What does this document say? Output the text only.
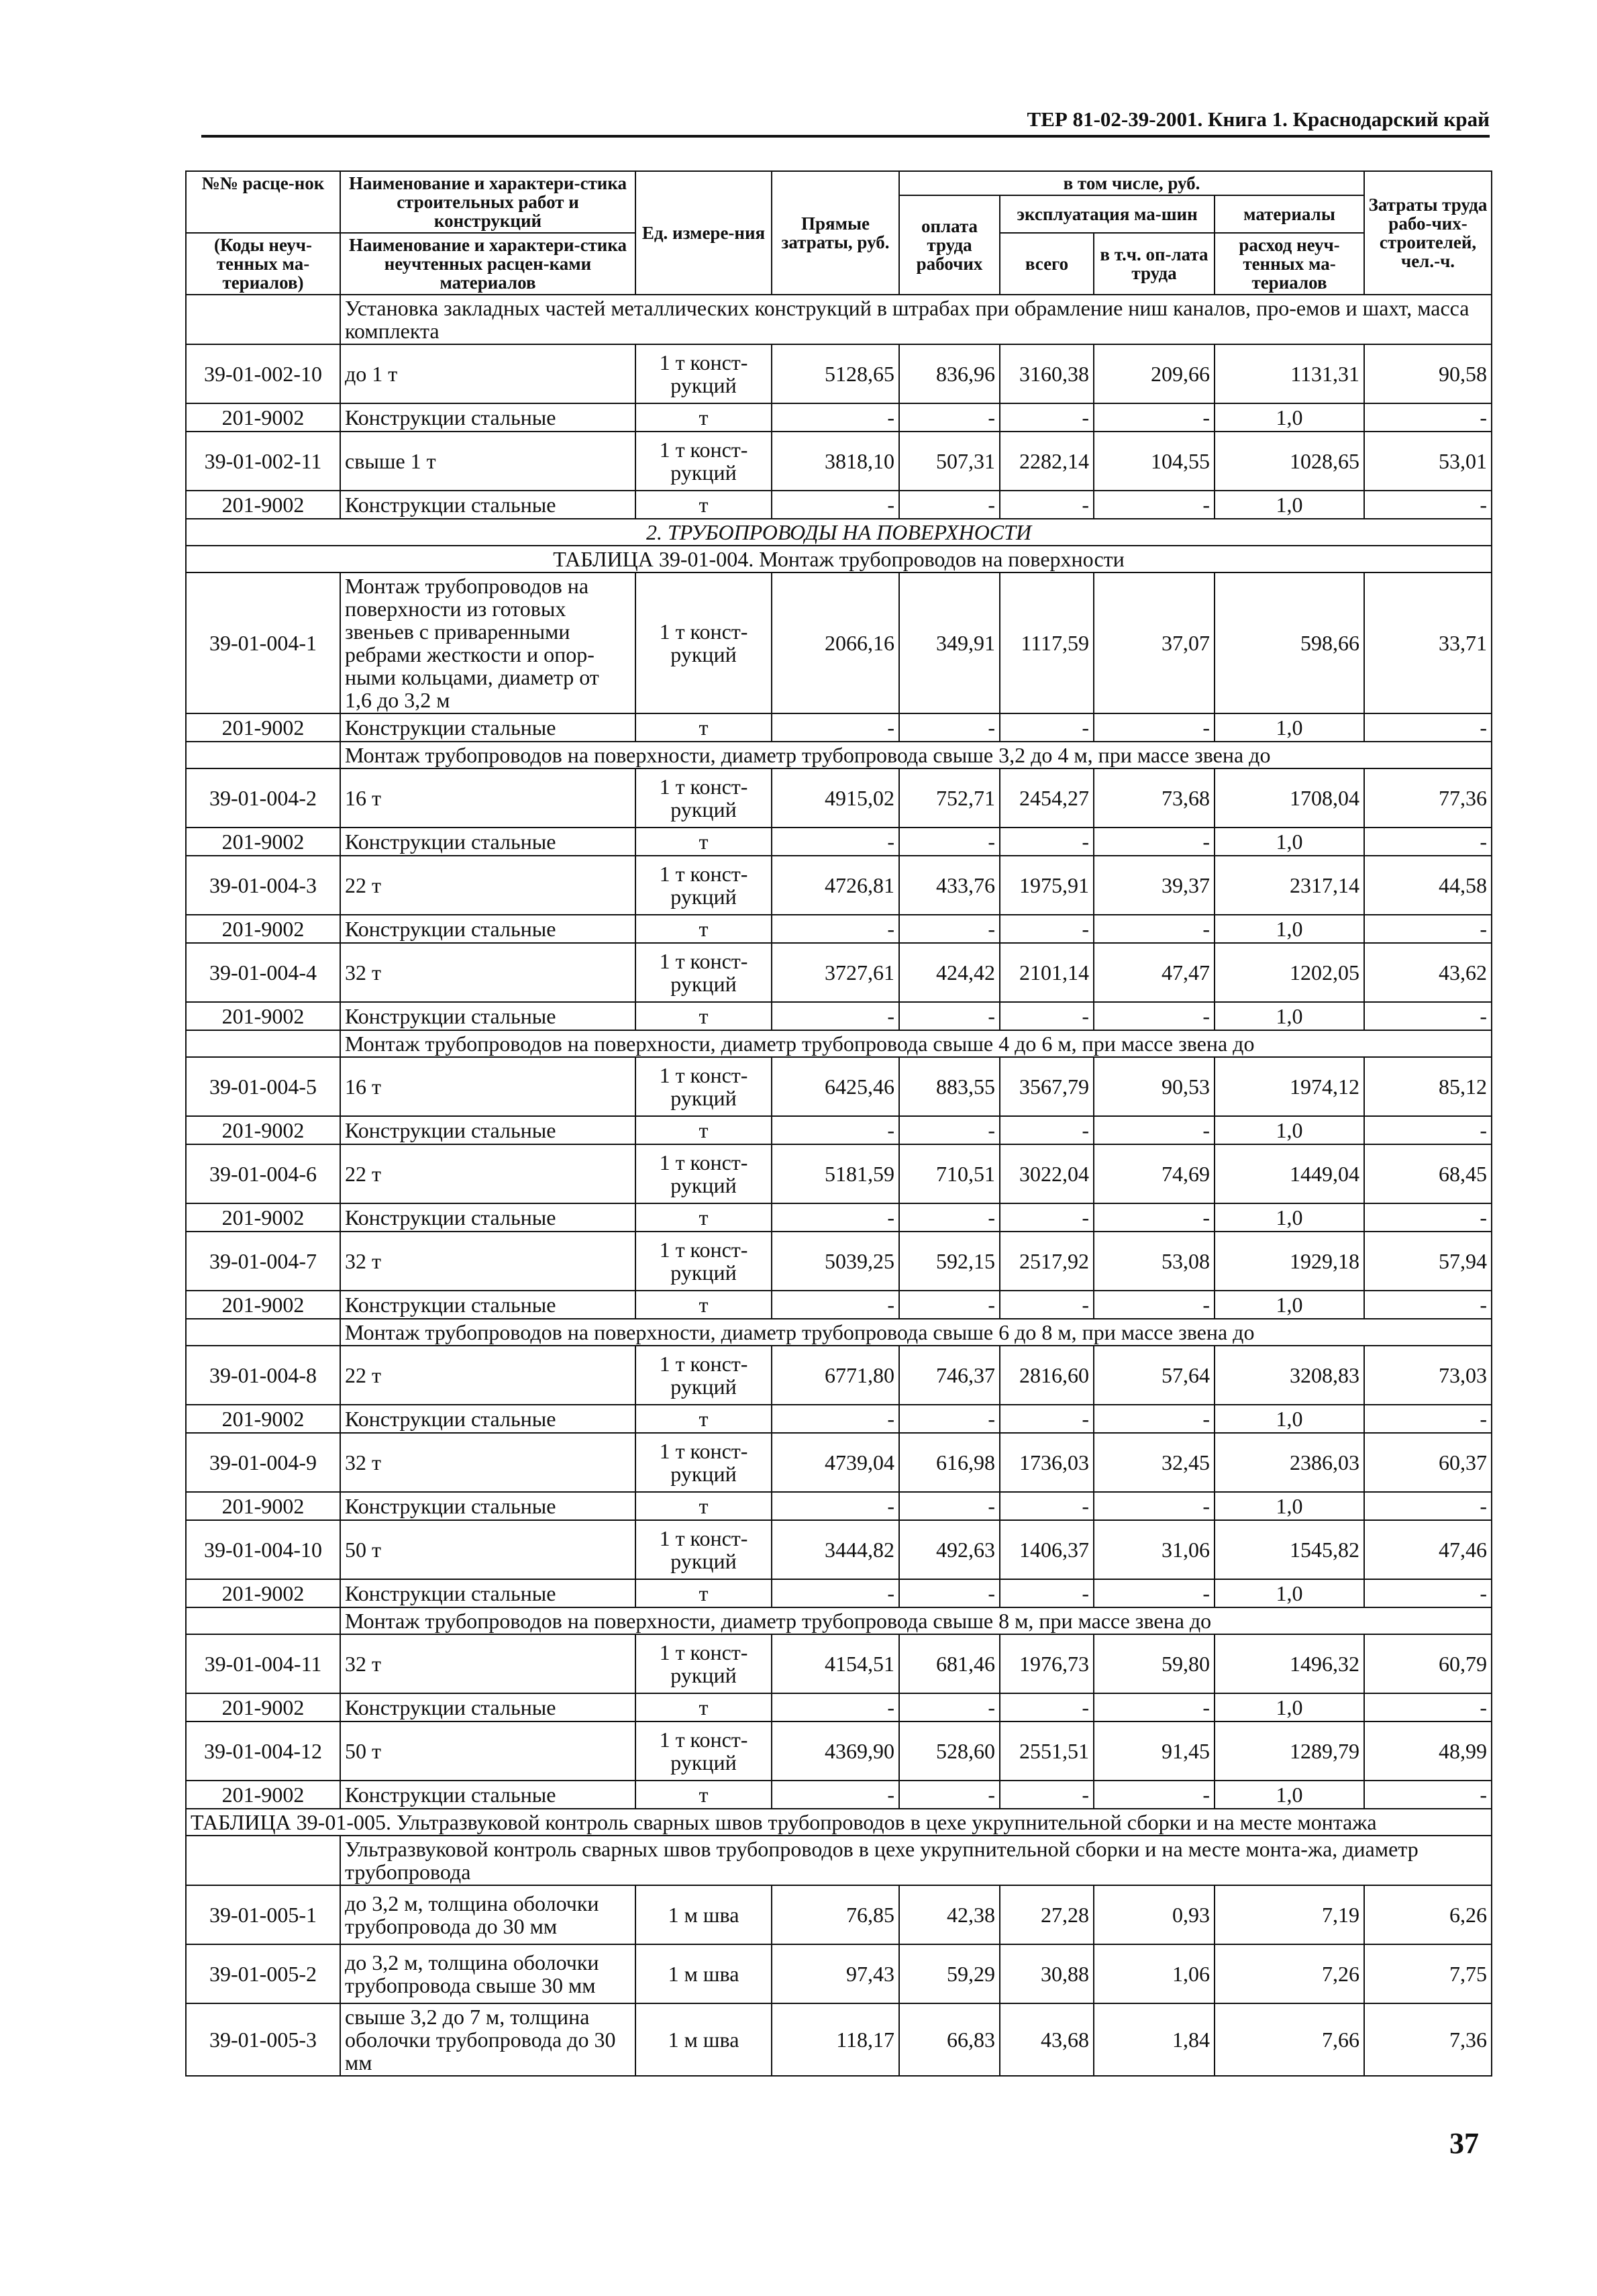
ТЕР 81-02-39-2001. Книга 1. Краснодарский край
№№ расце-нок	Наименование и характери-стика строительных работ и конструкций	Ед. измере-ния	Прямые затраты, руб.	в том числе, руб.				Затраты труда рабо-чих-строителей, чел.-ч.
				оплата труда рабочих	эксплуатация ма-шин		материалы	

(Коды неуч-тенных ма-териалов)	Наименование и характери-стика неучтенных расцен-ками материалов				всего	в т.ч. оп-лата труда	расход неуч-тенных ма-териалов	

	Установка закладных частей металлических конструкций в штрабах при обрамление ниш каналов, про-емов и шахт, масса комплекта							
39-01-002-10	до 1 т	1 т конст-рукций	5128,65	836,96	3160,38	209,66	1131,31	90,58
201-9002	Конструкции стальные	т	-	-	-	-	1,0	-
39-01-002-11	свыше 1 т	1 т конст-рукций	3818,10	507,31	2282,14	104,55	1028,65	53,01
201-9002	Конструкции стальные	т	-	-	-	-	1,0	-
2. ТРУБОПРОВОДЫ НА ПОВЕРХНОСТИ								
ТАБЛИЦА 39-01-004. Монтаж трубопроводов на поверхности								
39-01-004-1	Монтаж трубопроводов на поверхности из готовых звеньев с приваренными ребрами жесткости и опор-ными кольцами, диаметр от 1,6 до 3,2 м	1 т конст-рукций	2066,16	349,91	1117,59	37,07	598,66	33,71
201-9002	Конструкции стальные	т	-	-	-	-	1,0	-
	Монтаж трубопроводов на поверхности, диаметр трубопровода свыше 3,2 до 4 м, при массе звена до							
39-01-004-2	16 т	1 т конст-рукций	4915,02	752,71	2454,27	73,68	1708,04	77,36
201-9002	Конструкции стальные	т	-	-	-	-	1,0	-
39-01-004-3	22 т	1 т конст-рукций	4726,81	433,76	1975,91	39,37	2317,14	44,58
201-9002	Конструкции стальные	т	-	-	-	-	1,0	-
39-01-004-4	32 т	1 т конст-рукций	3727,61	424,42	2101,14	47,47	1202,05	43,62
201-9002	Конструкции стальные	т	-	-	-	-	1,0	-
	Монтаж трубопроводов на поверхности, диаметр трубопровода свыше 4 до 6 м, при массе звена до							
39-01-004-5	16 т	1 т конст-рукций	6425,46	883,55	3567,79	90,53	1974,12	85,12
201-9002	Конструкции стальные	т	-	-	-	-	1,0	-
39-01-004-6	22 т	1 т конст-рукций	5181,59	710,51	3022,04	74,69	1449,04	68,45
201-9002	Конструкции стальные	т	-	-	-	-	1,0	-
39-01-004-7	32 т	1 т конст-рукций	5039,25	592,15	2517,92	53,08	1929,18	57,94
201-9002	Конструкции стальные	т	-	-	-	-	1,0	-
	Монтаж трубопроводов на поверхности, диаметр трубопровода свыше 6 до 8 м, при массе звена до							
39-01-004-8	22 т	1 т конст-рукций	6771,80	746,37	2816,60	57,64	3208,83	73,03
201-9002	Конструкции стальные	т	-	-	-	-	1,0	-
39-01-004-9	32 т	1 т конст-рукций	4739,04	616,98	1736,03	32,45	2386,03	60,37
201-9002	Конструкции стальные	т	-	-	-	-	1,0	-
39-01-004-10	50 т	1 т конст-рукций	3444,82	492,63	1406,37	31,06	1545,82	47,46
201-9002	Конструкции стальные	т	-	-	-	-	1,0	-
	Монтаж трубопроводов на поверхности, диаметр трубопровода свыше 8 м, при массе звена до							
39-01-004-11	32 т	1 т конст-рукций	4154,51	681,46	1976,73	59,80	1496,32	60,79
201-9002	Конструкции стальные	т	-	-	-	-	1,0	-
39-01-004-12	50 т	1 т конст-рукций	4369,90	528,60	2551,51	91,45	1289,79	48,99
201-9002	Конструкции стальные	т	-	-	-	-	1,0	-
ТАБЛИЦА 39-01-005. Ультразвуковой контроль сварных швов трубопроводов в цехе укрупнительной сборки и на месте монтажа								
	Ультразвуковой контроль сварных швов трубопроводов в цехе укрупнительной сборки и на месте монта-жа, диаметр трубопровода							
39-01-005-1	до 3,2 м, толщина оболочки трубопровода до 30 мм	1 м шва	76,85	42,38	27,28	0,93	7,19	6,26
39-01-005-2	до 3,2 м, толщина оболочки трубопровода свыше 30 мм	1 м шва	97,43	59,29	30,88	1,06	7,26	7,75
39-01-005-3	свыше 3,2 до 7 м, толщина оболочки трубопровода до 30 мм	1 м шва	118,17	66,83	43,68	1,84	7,66	7,36
37
